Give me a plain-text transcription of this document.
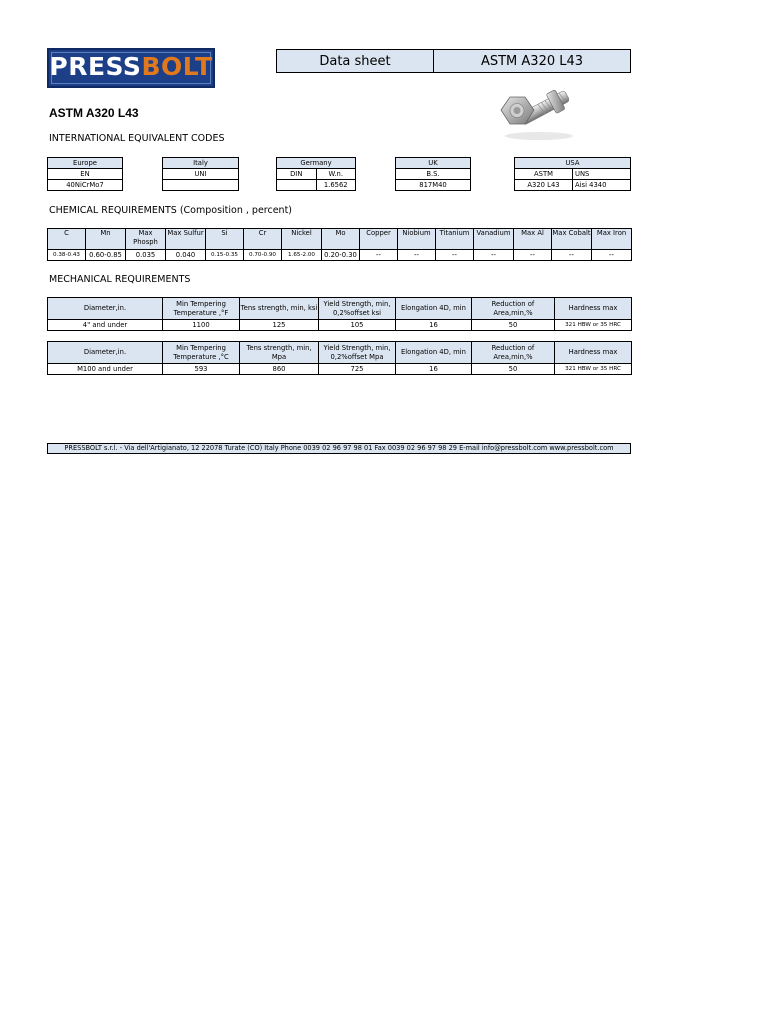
PRESSBOLT	Data sheet	ASTM A320 L43
ASTM A320 L43
INTERNATIONAL EQUIVALENT CODES
Europe
EN
40NiCrMo7
Italy
UNI

Germany	
DIN	W.n.
	1.6562
UK
B.S.
817M40
USA	
ASTM	UNS
A320 L43	Aisi 4340
CHEMICAL REQUIREMENTS (Composition , percent)
C	Mn	Max Phosph	Max Sulfur	Si	Cr	Nickel	Mo	Copper	Niobium	Titanium	Vanadium	Max Al	Max Cobalt	Max Iron
0.38-0.43	0.60-0.85	0.035	0.040	0.15-0.35	0.70-0.90	1.65-2.00	0.20-0.30	--	--	--	--	--	--	--
MECHANICAL REQUIREMENTS
Diameter,in.	Min Tempering Temperature ,°F	Tens strength, min, ksi	Yield Strength, min, 0,2%offset ksi	Elongation 4D, min	Reduction of Area,min,%	Hardness max
4" and under	1100	125	105	16	50	321 HBW or 35 HRC
Diameter,in.	Min Tempering Temperature ,°C	Tens strength, min, Mpa	Yield Strength, min, 0,2%offset Mpa	Elongation 4D, min	Reduction of Area,min,%	Hardness max
M100 and under	593	860	725	16	50	321 HBW or 35 HRC
PRESSBOLT s.r.l. - Via dell'Artigianato, 12 22078 Turate (CO) Italy Phone 0039 02 96 97 98 01 Fax 0039 02 96 97 98 29 E-mail info@pressbolt.com www.pressbolt.com
